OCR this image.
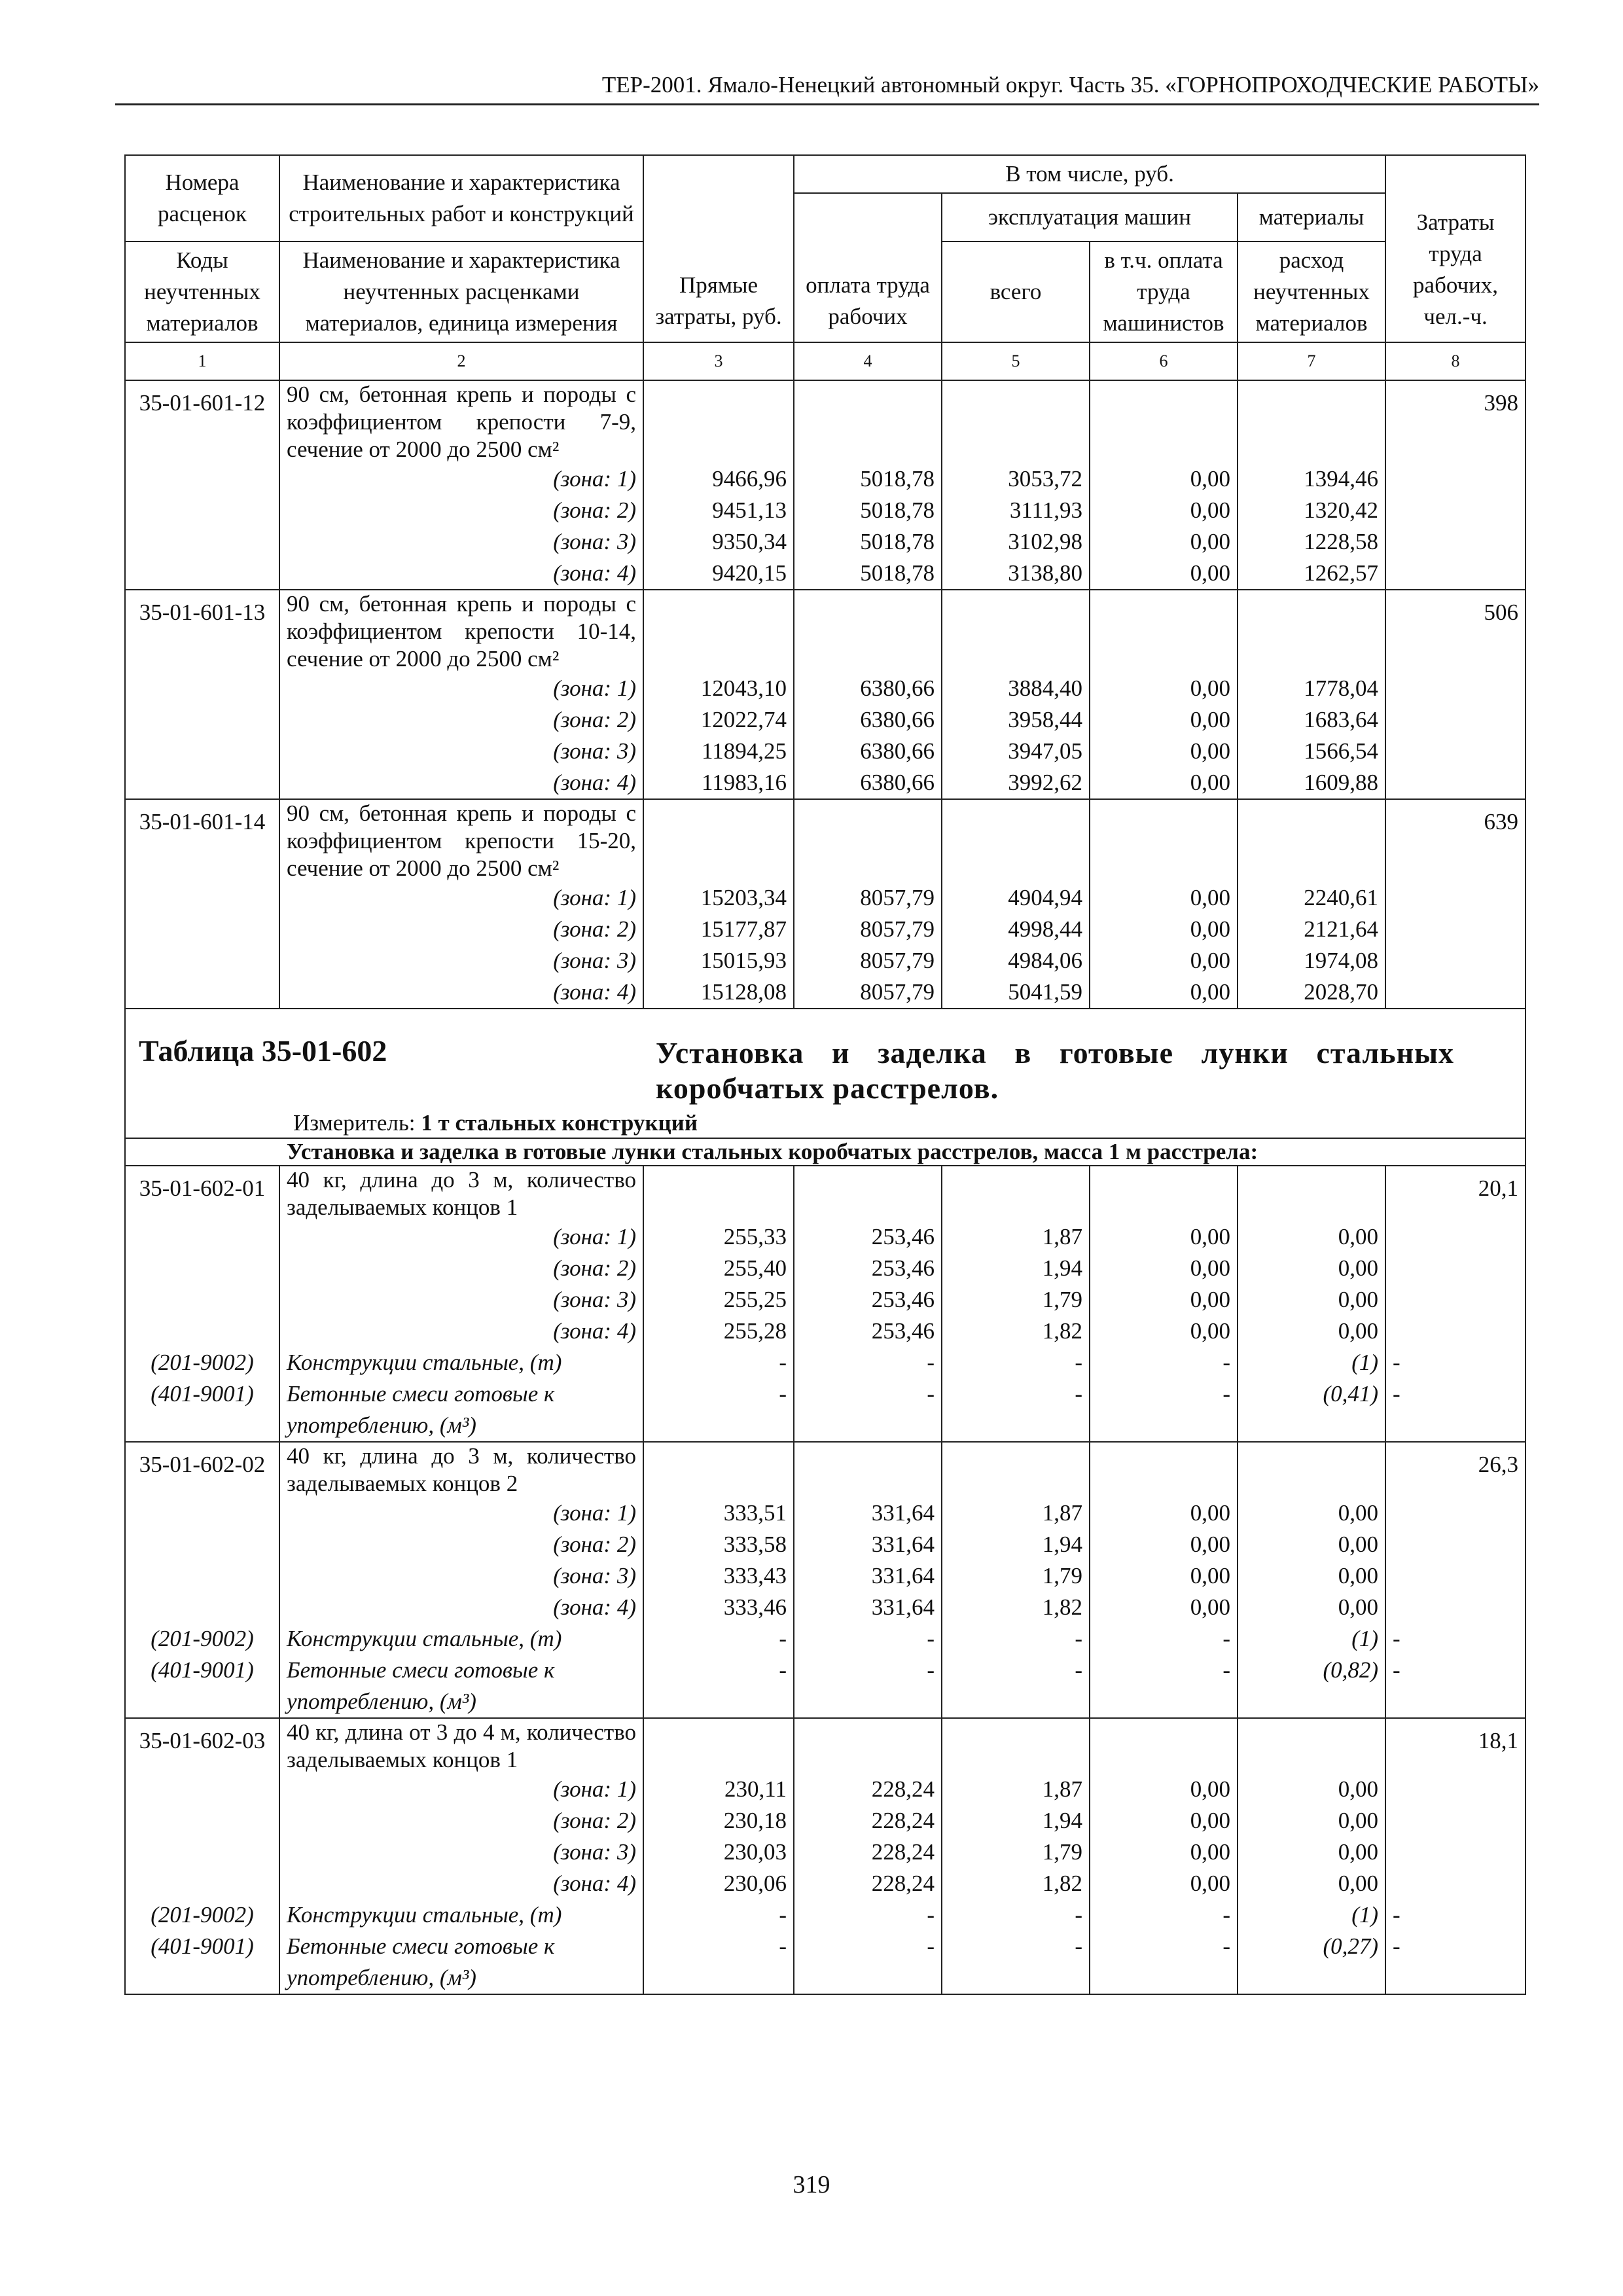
ТЕР-2001. Ямало-Ненецкий автономный округ. Часть 35. «ГОРНОПРОХОДЧЕСКИЕ РАБОТЫ»
Номера расценок	Наименование и характеристика строительных работ и конструкций	Прямые затраты, руб.	В том числе, руб.				Затраты труда рабочих, чел.-ч.
			оплата труда рабочих	эксплуатация машин		материалы	
Коды неучтенных материалов	Наименование и характеристика неучтенных расценками материалов, единица измерения			всего	в т.ч. оплата труда машинистов	расход неучтенных материалов	

1	2	3	4	5	6	7	8
35-01-601-12	90 см, бетонная крепь и породы с коэффициентом крепости 7-9, сечение от 2000 до 2500 см²						398
	(зона: 1)	9466,96	5018,78	3053,72	0,00	1394,46	
	(зона: 2)	9451,13	5018,78	3111,93	0,00	1320,42	
	(зона: 3)	9350,34	5018,78	3102,98	0,00	1228,58	
	(зона: 4)	9420,15	5018,78	3138,80	0,00	1262,57	
35-01-601-13	90 см, бетонная крепь и породы с коэффициентом крепости 10-14, сечение от 2000 до 2500 см²						506
	(зона: 1)	12043,10	6380,66	3884,40	0,00	1778,04	
	(зона: 2)	12022,74	6380,66	3958,44	0,00	1683,64	
	(зона: 3)	11894,25	6380,66	3947,05	0,00	1566,54	
	(зона: 4)	11983,16	6380,66	3992,62	0,00	1609,88	
35-01-601-14	90 см, бетонная крепь и породы с коэффициентом крепости 15-20, сечение от 2000 до 2500 см²						639
	(зона: 1)	15203,34	8057,79	4904,94	0,00	2240,61	
	(зона: 2)	15177,87	8057,79	4998,44	0,00	2121,64	
	(зона: 3)	15015,93	8057,79	4984,06	0,00	1974,08	
	(зона: 4)	15128,08	8057,79	5041,59	0,00	2028,70	

Таблица 35-01-602 Установка и заделка в готовые лунки стальных коробчатых расстрелов.
Измеритель: 1 т стальных конструкций							

Установка и заделка в готовые лунки стальных коробчатых расстрелов, масса 1 м расстрела:							
35-01-602-01	40 кг, длина до 3 м, количество заделываемых концов 1						20,1
	(зона: 1)	255,33	253,46	1,87	0,00	0,00	
	(зона: 2)	255,40	253,46	1,94	0,00	0,00	
	(зона: 3)	255,25	253,46	1,79	0,00	0,00	
	(зона: 4)	255,28	253,46	1,82	0,00	0,00	
(201-9002)	Конструкции стальные, (т)	-	-	-	-	(1)	-
(401-9001)	Бетонные смеси готовые к употреблению, (м³)	-	-	-	-	(0,41)	-
35-01-602-02	40 кг, длина до 3 м, количество заделываемых концов 2						26,3
	(зона: 1)	333,51	331,64	1,87	0,00	0,00	
	(зона: 2)	333,58	331,64	1,94	0,00	0,00	
	(зона: 3)	333,43	331,64	1,79	0,00	0,00	
	(зона: 4)	333,46	331,64	1,82	0,00	0,00	
(201-9002)	Конструкции стальные, (т)	-	-	-	-	(1)	-
(401-9001)	Бетонные смеси готовые к употреблению, (м³)	-	-	-	-	(0,82)	-
35-01-602-03	40 кг, длина от 3 до 4 м, количество заделываемых концов 1						18,1
	(зона: 1)	230,11	228,24	1,87	0,00	0,00	
	(зона: 2)	230,18	228,24	1,94	0,00	0,00	
	(зона: 3)	230,03	228,24	1,79	0,00	0,00	
	(зона: 4)	230,06	228,24	1,82	0,00	0,00	
(201-9002)	Конструкции стальные, (т)	-	-	-	-	(1)	-
(401-9001)	Бетонные смеси готовые к употреблению, (м³)	-	-	-	-	(0,27)	-
319
